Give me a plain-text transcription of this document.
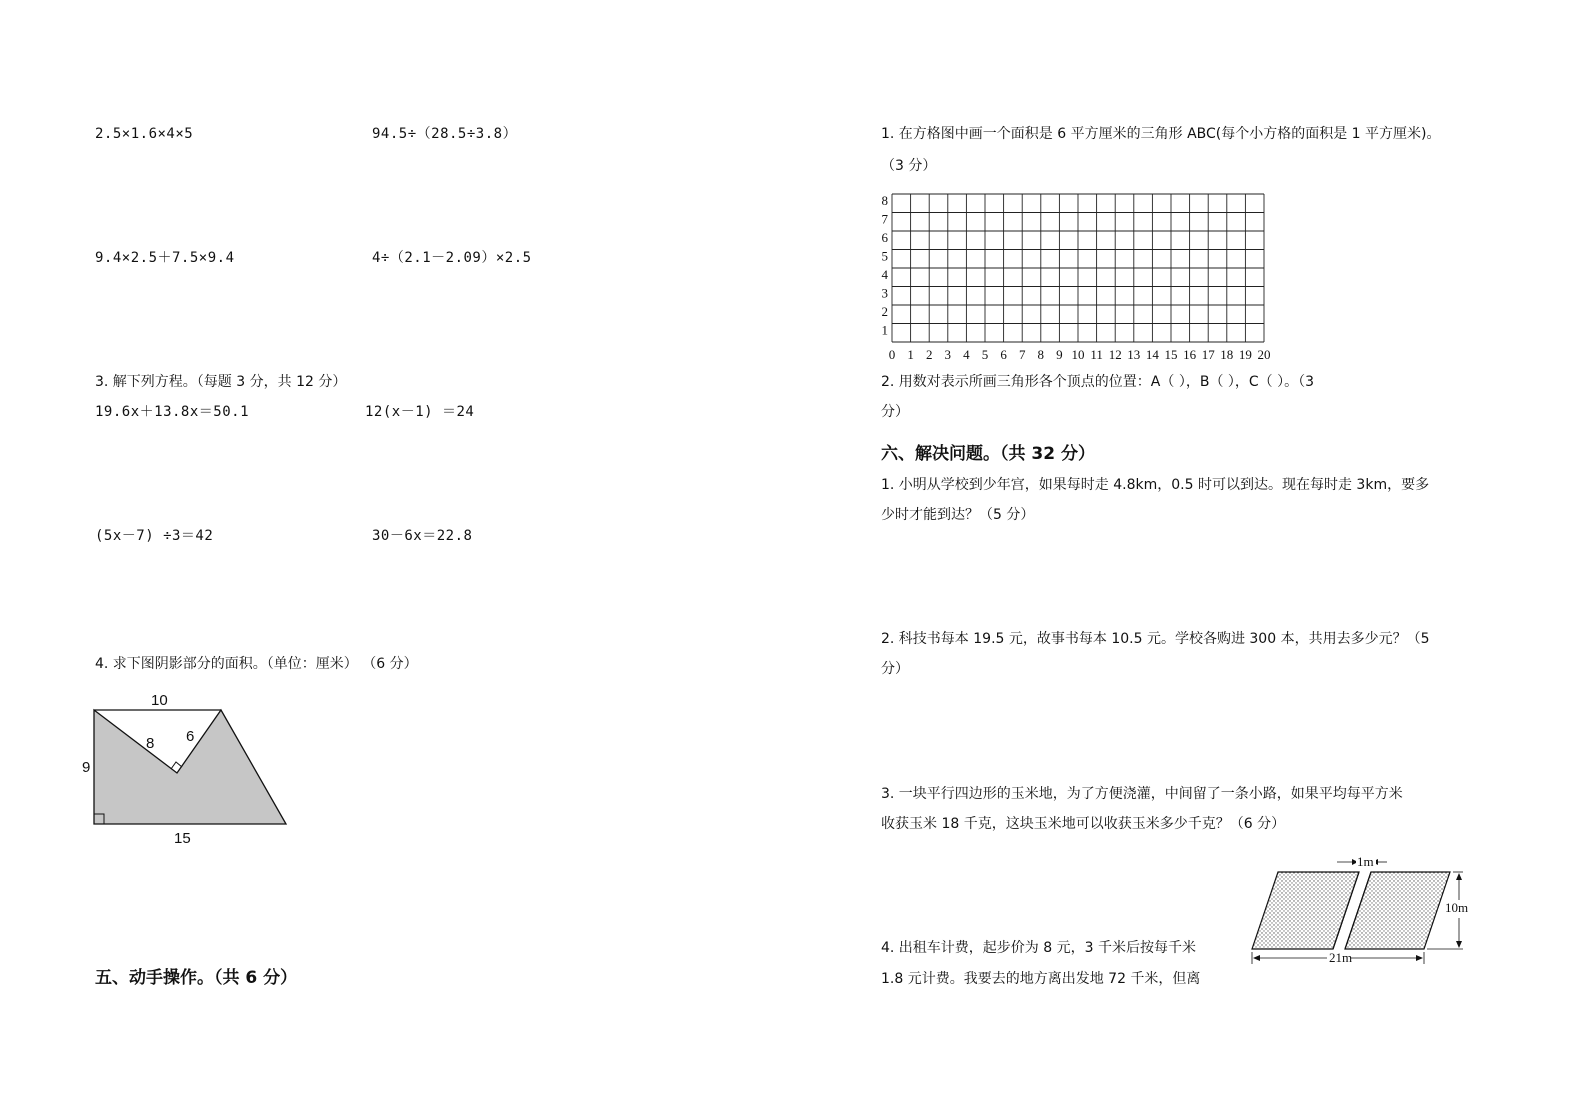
2.5×1.6×4×5	94.5÷（28.5÷3.8）
9.4×2.5＋7.5×9.4	4÷（2.1－2.09）×2.5
3. 解下列方程。（每题 3 分，共 12 分）
19.6x＋13.8x＝50.1	12(x－1) ＝24
(5x－7) ÷3＝42	30－6x＝22.8
4. 求下图阴影部分的面积。（单位：厘米） （6 分）
10
8 6
9
15
五、动手操作。（共 6 分）
1. 在方格图中画一个面积是 6 平方厘米的三角形 ABC(每个小方格的面积是 1 平方厘米)。
（3 分）
0 1 2 3 4 5 6 7 8 9 10 11 12 13 14 15 16 17 18 19 20
1
2
3
4
5
6
7
8
2. 用数对表示所画三角形各个顶点的位置：A（ ），B（ ），C（ ）。（3
分）
六、解决问题。（共 32 分）
1. 小明从学校到少年宫，如果每时走 4.8km，0.5 时可以到达。现在每时走 3km，要多
少时才能到达？（5 分）
2. 科技书每本 19.5 元，故事书每本 10.5 元。学校各购进 300 本，共用去多少元？（5
分）
3. 一块平行四边形的玉米地，为了方便浇灌，中间留了一条小路，如果平均每平方米
收获玉米 18 千克，这块玉米地可以收获玉米多少千克？（6 分）
1m
10m
21m
4. 出租车计费，起步价为 8 元，3 千米后按每千米
1.8 元计费。我要去的地方离出发地 72 千米，但离
